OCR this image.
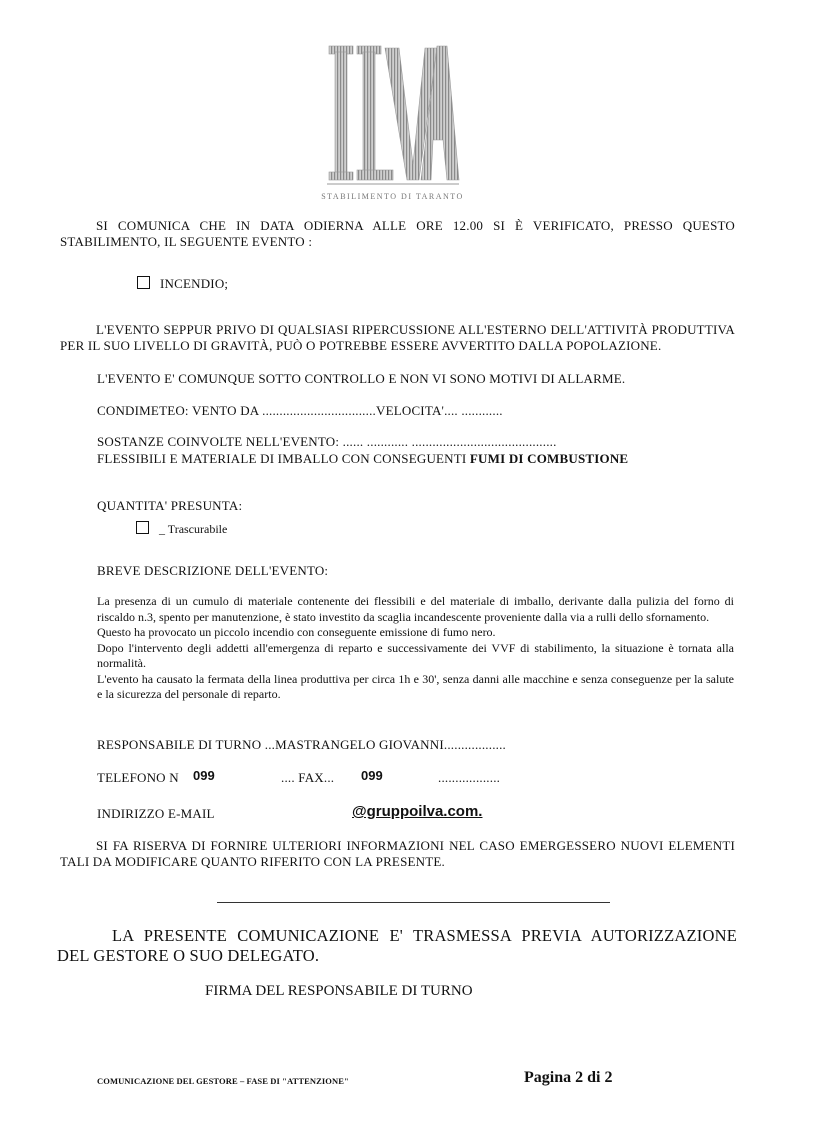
STABILIMENTO DI TARANTO
SI COMUNICA CHE IN DATA ODIERNA ALLE ORE 12.00 SI È VERIFICATO, PRESSO QUESTO STABILIMENTO, IL SEGUENTE EVENTO :
INCENDIO;
L'EVENTO SEPPUR PRIVO DI QUALSIASI RIPERCUSSIONE ALL'ESTERNO DELL'ATTIVITÀ PRODUTTIVA PER IL SUO LIVELLO DI GRAVITÀ, PUÒ O POTREBBE ESSERE AVVERTITO DALLA POPOLAZIONE.
L'EVENTO E' COMUNQUE SOTTO CONTROLLO E NON VI SONO MOTIVI DI ALLARME.
CONDIMETEO: VENTO DA .................................VELOCITA'.... ............
SOSTANZE COINVOLTE NELL'EVENTO: ...... ............ ..........................................
FLESSIBILI E MATERIALE DI IMBALLO CON CONSEGUENTI FUMI DI COMBUSTIONE
QUANTITA' PRESUNTA:
_ Trascurabile
BREVE DESCRIZIONE DELL'EVENTO:
La presenza di un cumulo di materiale contenente dei flessibili e del materiale di imballo, derivante dalla pulizia del forno di riscaldo n.3, spento per manutenzione, è stato investito da scaglia incandescente proveniente dalla via a rulli dello sfornamento.
Questo ha provocato un piccolo incendio con conseguente emissione di fumo nero.
Dopo l'intervento degli addetti all'emergenza di reparto e successivamente dei VVF di stabilimento, la situazione è tornata alla normalità.
L'evento ha causato la fermata della linea produttiva per circa 1h e 30', senza danni alle macchine e senza conseguenze per la salute e la sicurezza del personale di reparto.
RESPONSABILE DI TURNO ...MASTRANGELO GIOVANNI..................
TELEFONO N 099	.... FAX... 099	..................
INDIRIZZO E-MAIL	@gruppoilva.com.
SI FA RISERVA DI FORNIRE ULTERIORI INFORMAZIONI NEL CASO EMERGESSERO NUOVI ELEMENTI TALI DA MODIFICARE QUANTO RIFERITO CON LA PRESENTE.
LA PRESENTE COMUNICAZIONE E' TRASMESSA PREVIA AUTORIZZAZIONE DEL GESTORE O SUO DELEGATO.
FIRMA DEL RESPONSABILE DI TURNO
COMUNICAZIONE DEL GESTORE – FASE DI "ATTENZIONE"	Pagina 2 di 2
